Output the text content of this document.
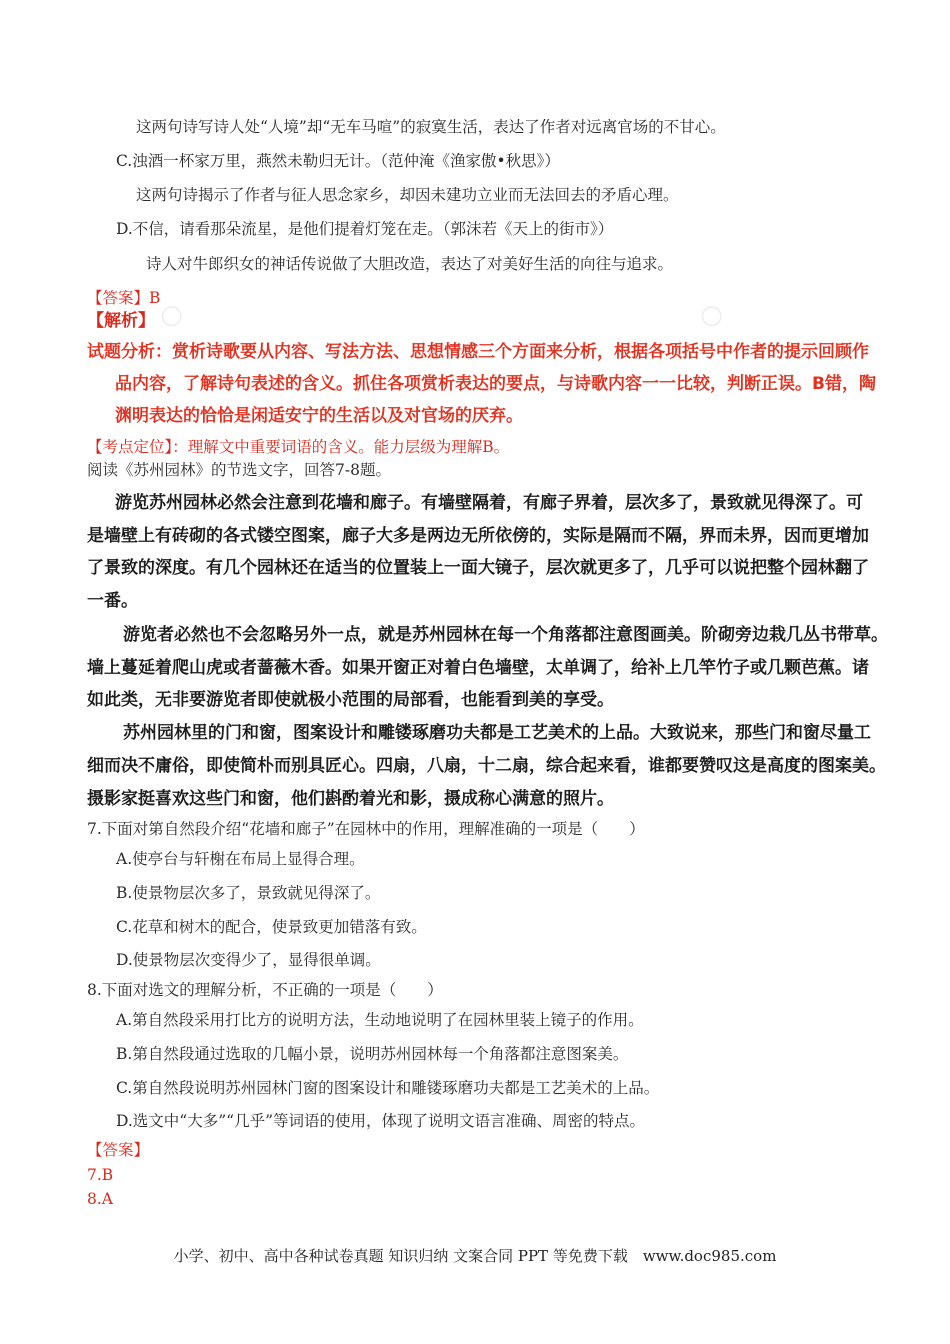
○	○
这两句诗写诗人处“人境”却“无车马喧”的寂寞生活，表达了作者对远离官场的不甘心。
C.浊酒一杯家万里，燕然未勒归无计。（范仲淹《渔家傲•秋思》）
这两句诗揭示了作者与征人思念家乡，却因未建功立业而无法回去的矛盾心理。
D.不信，请看那朵流星，是他们提着灯笼在走。（郭沫若《天上的街市》）
诗人对牛郎织女的神话传说做了大胆改造，表达了对美好生活的向往与追求。
【答案】B
【解析】
试题分析：赏析诗歌要从内容、写法方法、思想情感三个方面来分析，根据各项括号中作者的提示回顾作
品内容，了解诗句表述的含义。抓住各项赏析表达的要点，与诗歌内容一一比较，判断正误。B错，陶
渊明表达的恰恰是闲适安宁的生活以及对官场的厌弃。
【考点定位】：理解文中重要词语的含义。能力层级为理解B。
阅读《苏州园林》的节选文字，回答7-8题。
游览苏州园林必然会注意到花墙和廊子。有墙壁隔着，有廊子界着，层次多了，景致就见得深了。可
是墙壁上有砖砌的各式镂空图案，廊子大多是两边无所依傍的，实际是隔而不隔，界而未界，因而更增加
了景致的深度。有几个园林还在适当的位置装上一面大镜子，层次就更多了，几乎可以说把整个园林翻了
一番。
游览者必然也不会忽略另外一点，就是苏州园林在每一个角落都注意图画美。阶砌旁边栽几丛书带草。
墙上蔓延着爬山虎或者蔷薇木香。如果开窗正对着白色墙壁，太单调了，给补上几竿竹子或几颗芭蕉。诸
如此类，无非要游览者即使就极小范围的局部看，也能看到美的享受。
苏州园林里的门和窗，图案设计和雕镂琢磨功夫都是工艺美术的上品。大致说来，那些门和窗尽量工
细而决不庸俗，即使简朴而别具匠心。四扇，八扇，十二扇，综合起来看，谁都要赞叹这是高度的图案美。
摄影家挺喜欢这些门和窗，他们斟酌着光和影，摄成称心满意的照片。
7.下面对第自然段介绍“花墙和廊子”在园林中的作用，理解准确的一项是（　　）
A.使亭台与轩榭在布局上显得合理。
B.使景物层次多了，景致就见得深了。
C.花草和树木的配合，使景致更加错落有致。
D.使景物层次变得少了，显得很单调。
8.下面对选文的理解分析，不正确的一项是（　　）
A.第自然段采用打比方的说明方法，生动地说明了在园林里装上镜子的作用。
B.第自然段通过选取的几幅小景，说明苏州园林每一个角落都注意图案美。
C.第自然段说明苏州园林门窗的图案设计和雕镂琢磨功夫都是工艺美术的上品。
D.选文中“大多”“几乎”等词语的使用，体现了说明文语言准确、周密的特点。
【答案】
7.B
8.A
小学、初中、高中各种试卷真题 知识归纳 文案合同 PPT 等免费下载　www.doc985.com
